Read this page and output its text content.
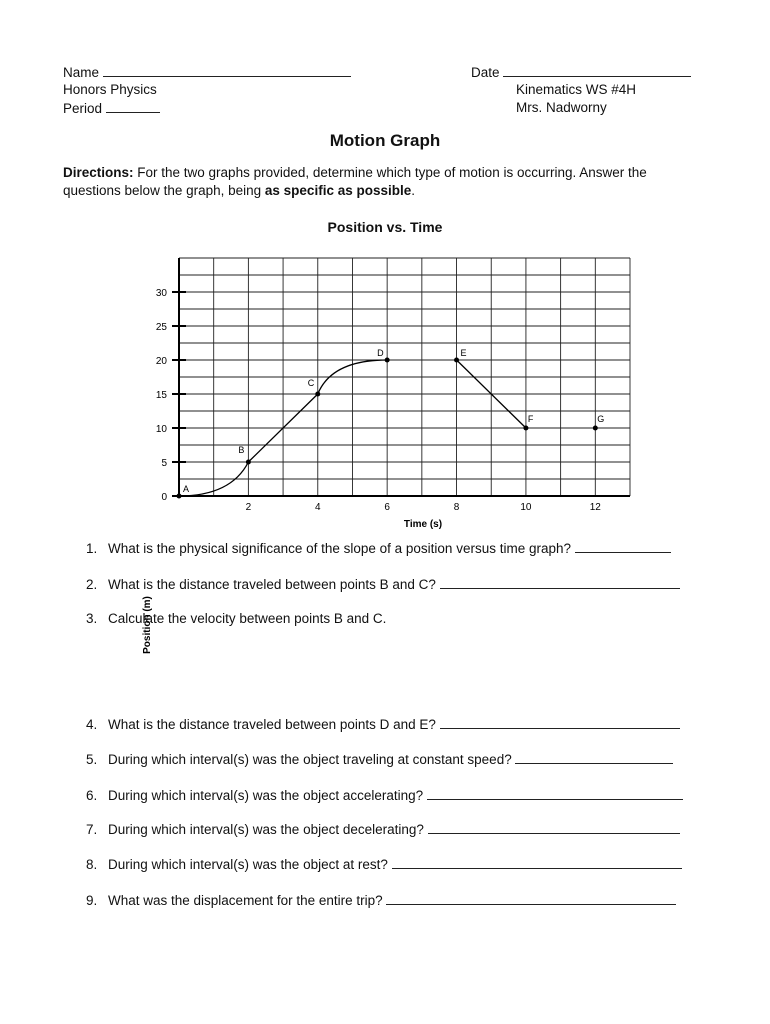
Name
Honors Physics
Period
Date
Kinematics WS #4H
Mrs. Nadworny
Motion Graph
Directions: For the two graphs provided, determine which type of motion is occurring. Answer the questions below the graph, being as specific as possible.
Position vs. Time
0
5
10
15
20
25
30
2	4	6	8	10	12
A
B
C
D	E
F	G
Time (s)
Position (m)
1. What is the physical significance of the slope of a position versus time graph?
2. What is the distance traveled between points B and C?
3. Calculate the velocity between points B and C.
4. What is the distance traveled between points D and E?
5. During which interval(s) was the object traveling at constant speed?
6. During which interval(s) was the object accelerating?
7. During which interval(s) was the object decelerating?
8. During which interval(s) was the object at rest?
9. What was the displacement for the entire trip?
